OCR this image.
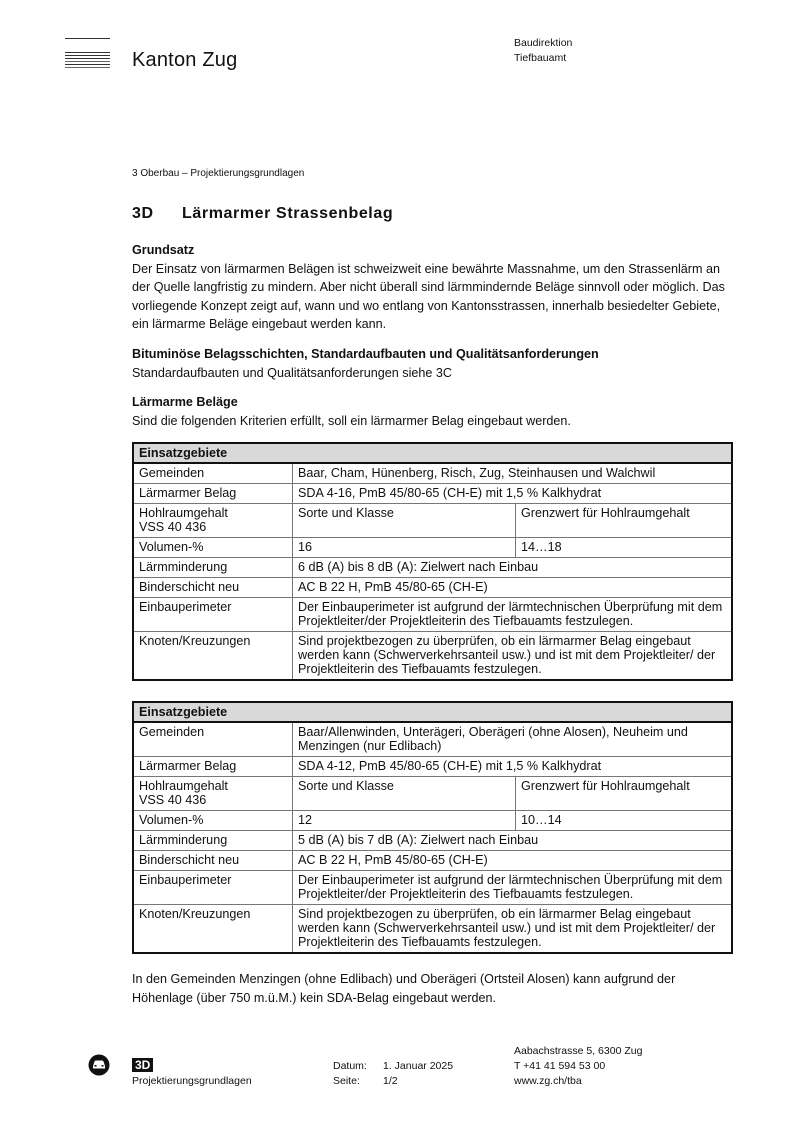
Kanton Zug
Baudirektion
Tiefbauamt
3 Oberbau – Projektierungsgrundlagen
3D Lärmarmer Strassenbelag
Grundsatz
Der Einsatz von lärmarmen Belägen ist schweizweit eine bewährte Massnahme, um den Strassenlärm an der Quelle langfristig zu mindern. Aber nicht überall sind lärmmindernde Beläge sinnvoll oder möglich. Das vorliegende Konzept zeigt auf, wann und wo entlang von Kantonsstrassen, innerhalb besiedelter Gebiete, ein lärmarme Beläge eingebaut werden kann.
Bituminöse Belagsschichten, Standardaufbauten und Qualitätsanforderungen
Standardaufbauten und Qualitätsanforderungen siehe 3C
Lärmarme Beläge
Sind die folgenden Kriterien erfüllt, soll ein lärmarmer Belag eingebaut werden.
Einsatzgebiete		
Gemeinden	Baar, Cham, Hünenberg, Risch, Zug, Steinhausen und Walchwil	
Lärmarmer Belag	SDA 4-16, PmB 45/80-65 (CH-E) mit 1,5 % Kalkhydrat	

Hohlraumgehalt
VSS 40 436	Sorte und Klasse	Grenzwert für Hohlraumgehalt
Volumen-%	16	14…18
Lärmminderung	6 dB (A) bis 8 dB (A): Zielwert nach Einbau	
Binderschicht neu	AC B 22 H, PmB 45/80-65 (CH-E)	
Einbauperimeter	Der Einbauperimeter ist aufgrund der lärmtechnischen Überprüfung mit dem Projektleiter/der Projektleiterin des Tiefbauamts festzulegen.	
Knoten/Kreuzungen	Sind projektbezogen zu überprüfen, ob ein lärmarmer Belag eingebaut werden kann (Schwerverkehrsanteil usw.) und ist mit dem Projektleiter/ der Projektleiterin des Tiefbauamts festzulegen.	
Einsatzgebiete		
Gemeinden	Baar/Allenwinden, Unterägeri, Oberägeri (ohne Alosen), Neuheim und Menzingen (nur Edlibach)	
Lärmarmer Belag	SDA 4-12, PmB 45/80-65 (CH-E) mit 1,5 % Kalkhydrat	

Hohlraumgehalt
VSS 40 436	Sorte und Klasse	Grenzwert für Hohlraumgehalt
Volumen-%	12	10…14
Lärmminderung	5 dB (A) bis 7 dB (A): Zielwert nach Einbau	
Binderschicht neu	AC B 22 H, PmB 45/80-65 (CH-E)	
Einbauperimeter	Der Einbauperimeter ist aufgrund der lärmtechnischen Überprüfung mit dem Projektleiter/der Projektleiterin des Tiefbauamts festzulegen.	
Knoten/Kreuzungen	Sind projektbezogen zu überprüfen, ob ein lärmarmer Belag eingebaut werden kann (Schwerverkehrsanteil usw.) und ist mit dem Projektleiter/ der Projektleiterin des Tiefbauamts festzulegen.	
In den Gemeinden Menzingen (ohne Edlibach) und Oberägeri (Ortsteil Alosen) kann aufgrund der Höhenlage (über 750 m.ü.M.) kein SDA-Belag eingebaut werden.
3D
Projektierungsgrundlagen
Datum:
Seite:
1. Januar 2025
1/2
Aabachstrasse 5, 6300 Zug
T +41 41 594 53 00
www.zg.ch/tba
